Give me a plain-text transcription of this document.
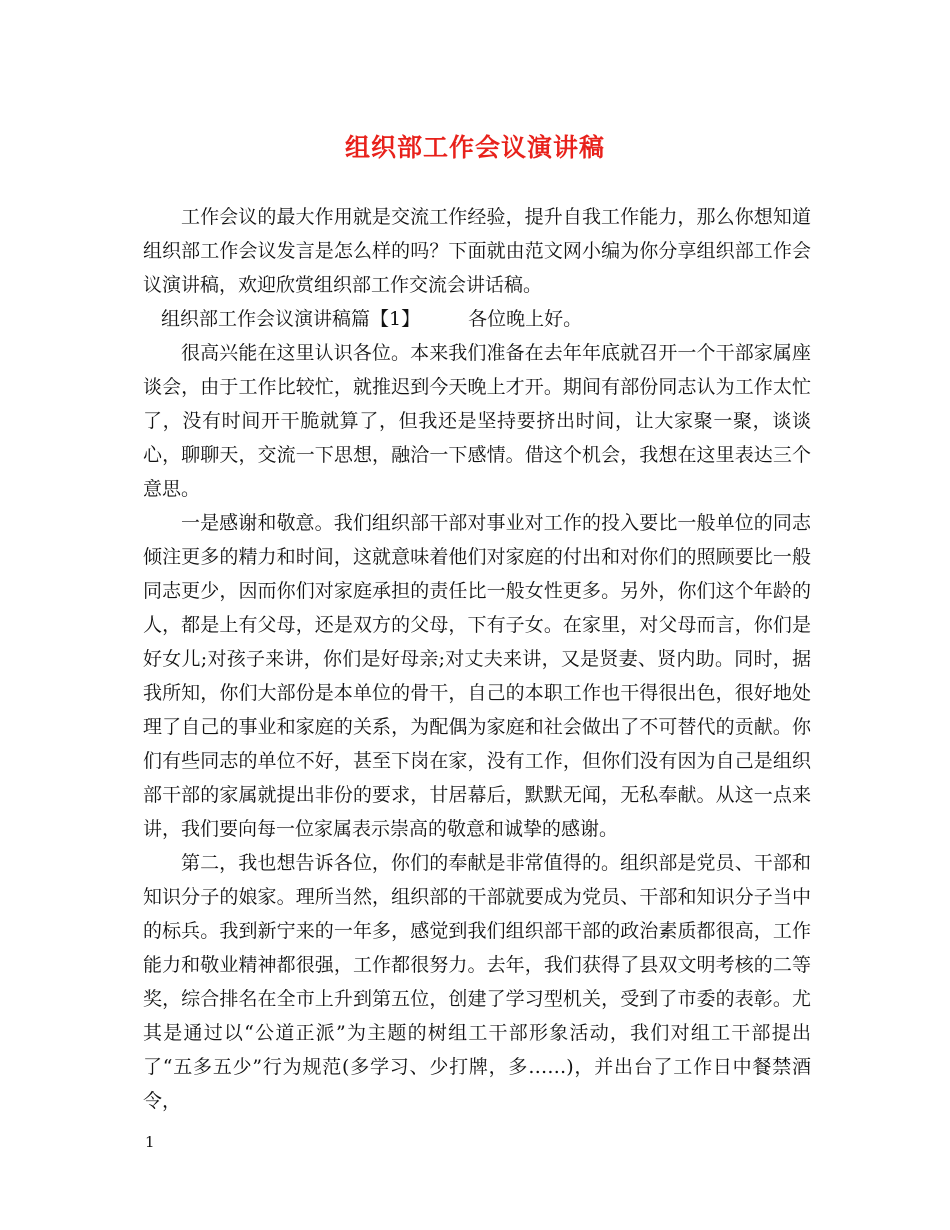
组织部工作会议演讲稿

工作会议的最大作用就是交流工作经验，提升自我工作能力，那么你想知道组织部工作会议发言是怎么样的吗？下面就由范文网小编为你分享组织部工作会议演讲稿，欢迎欣赏组织部工作交流会讲话稿。

组织部工作会议演讲稿篇【1】	各位晚上好。

很高兴能在这里认识各位。本来我们准备在去年年底就召开一个干部家属座谈会，由于工作比较忙，就推迟到今天晚上才开。期间有部份同志认为工作太忙了，没有时间开干脆就算了，但我还是坚持要挤出时间，让大家聚一聚，谈谈心，聊聊天，交流一下思想，融洽一下感情。借这个机会，我想在这里表达三个意思。

一是感谢和敬意。我们组织部干部对事业对工作的投入要比一般单位的同志倾注更多的精力和时间，这就意味着他们对家庭的付出和对你们的照顾要比一般同志更少，因而你们对家庭承担的责任比一般女性更多。另外，你们这个年龄的人，都是上有父母，还是双方的父母，下有子女。在家里，对父母而言，你们是好女儿;对孩子来讲，你们是好母亲;对丈夫来讲，又是贤妻、贤内助。同时，据我所知，你们大部份是本单位的骨干，自己的本职工作也干得很出色，很好地处理了自己的事业和家庭的关系，为配偶为家庭和社会做出了不可替代的贡献。你们有些同志的单位不好，甚至下岗在家，没有工作，但你们没有因为自己是组织部干部的家属就提出非份的要求，甘居幕后，默默无闻，无私奉献。从这一点来讲，我们要向每一位家属表示崇高的敬意和诚挚的感谢。

第二，我也想告诉各位，你们的奉献是非常值得的。组织部是党员、干部和知识分子的娘家。理所当然，组织部的干部就要成为党员、干部和知识分子当中的标兵。我到新宁来的一年多，感觉到我们组织部干部的政治素质都很高，工作能力和敬业精神都很强，工作都很努力。去年，我们获得了县双文明考核的二等奖，综合排名在全市上升到第五位，创建了学习型机关，受到了市委的表彰。尤其是通过以“公道正派”为主题的树组工干部形象活动，我们对组工干部提出了“五多五少”行为规范(多学习、少打牌，多……)，并出台了工作日中餐禁酒令，

1
